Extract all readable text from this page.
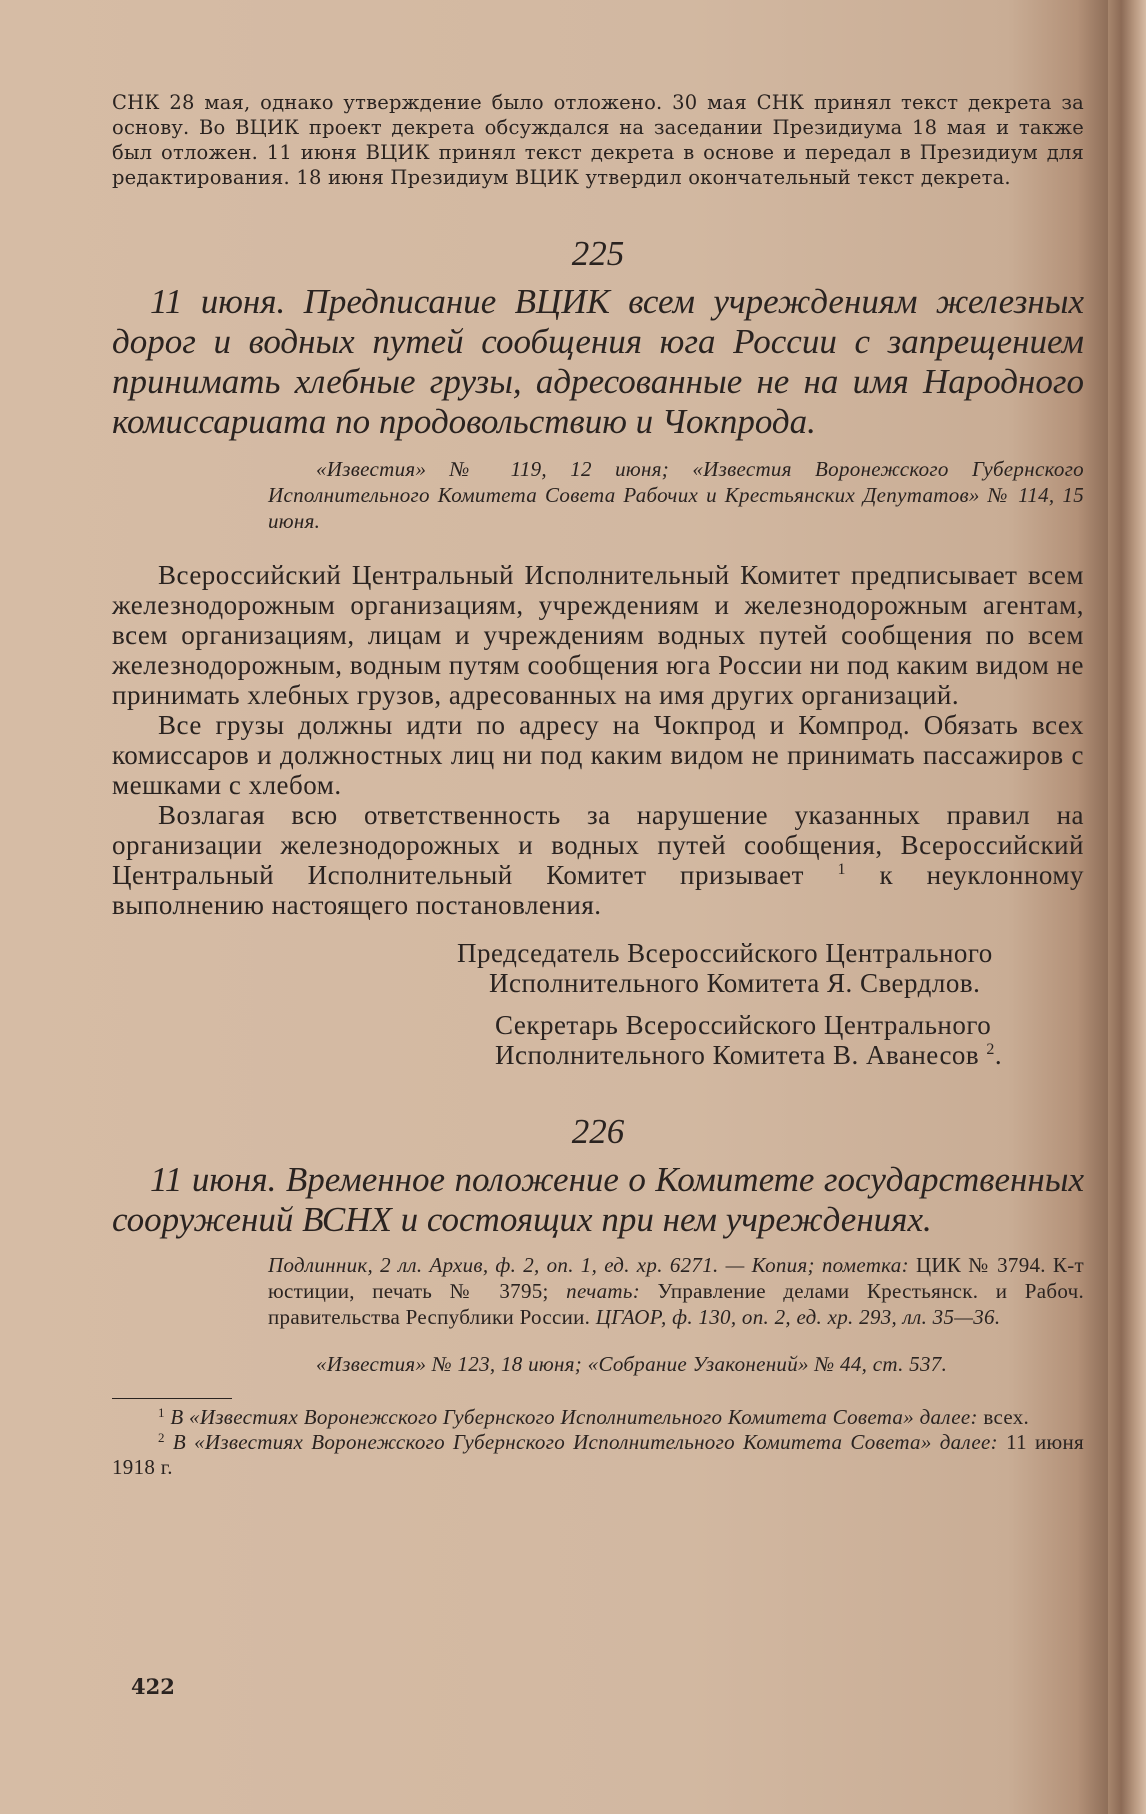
СНК 28 мая, однако утверждение было отложено. 30 мая СНК принял текст декрета за основу. Во ВЦИК проект декрета обсуждался на заседании Президиума 18 мая и также был отложен. 11 июня ВЦИК принял текст декрета в основе и передал в Президиум для редактирования. 18 июня Президиум ВЦИК утвердил окончательный текст декрета.

225

11 июня. Предписание ВЦИК всем учреждениям железных дорог и водных путей сообщения юга России с запрещением принимать хлебные грузы, адресованные не на имя Народного комиссариата по продовольствию и Чокпрода.

«Известия» № 119, 12 июня; «Известия Воронежского Губернского Исполнительного Комитета Совета Рабочих и Крестьянских Депутатов» № 114, 15 июня.

Всероссийский Центральный Исполнительный Комитет предписывает всем железнодорожным организациям, учреждениям и железнодорожным агентам, всем организациям, лицам и учреждениям водных путей сообщения по всем железнодорожным, водным путям сообщения юга России ни под каким видом не принимать хлебных грузов, адресованных на имя других организаций.

Все грузы должны идти по адресу на Чокпрод и Компрод. Обязать всех комиссаров и должностных лиц ни под каким видом не принимать пассажиров с мешками с хлебом.

Возлагая всю ответственность за нарушение указанных правил на организации железнодорожных и водных путей сообщения, Всероссийский Центральный Исполнительный Комитет призывает $^1$ к неуклонному выполнению настоящего постановления.

Председатель Всероссийского Центрального
Исполнительного Комитета Я. Свердлов.

Секретарь Всероссийского Центрального
Исполнительного Комитета В. Аванесов $^2$.

226

11 июня. Временное положение о Комитете государственных сооружений ВСНХ и состоящих при нем учреждениях.

Подлинник, 2 лл. Архив, ф. 2, оп. 1, ед. хр. 6271. — Копия; пометка: ЦИК № 3794. К-т юстиции, печать № 3795; печать: Управление делами Крестьянск. и Рабоч. правительства Республики России. ЦГАОР, ф. 130, оп. 2, ед. хр. 293, лл. 35—36.

«Известия» № 123, 18 июня; «Собрание Узаконений» № 44, ст. 537.

$^1$ В «Известиях Воронежского Губернского Исполнительного Комитета Совета» далее: всех.

$^2$ В «Известиях Воронежского Губернского Исполнительного Комитета Совета» далее: 11 июня 1918 г.

422
